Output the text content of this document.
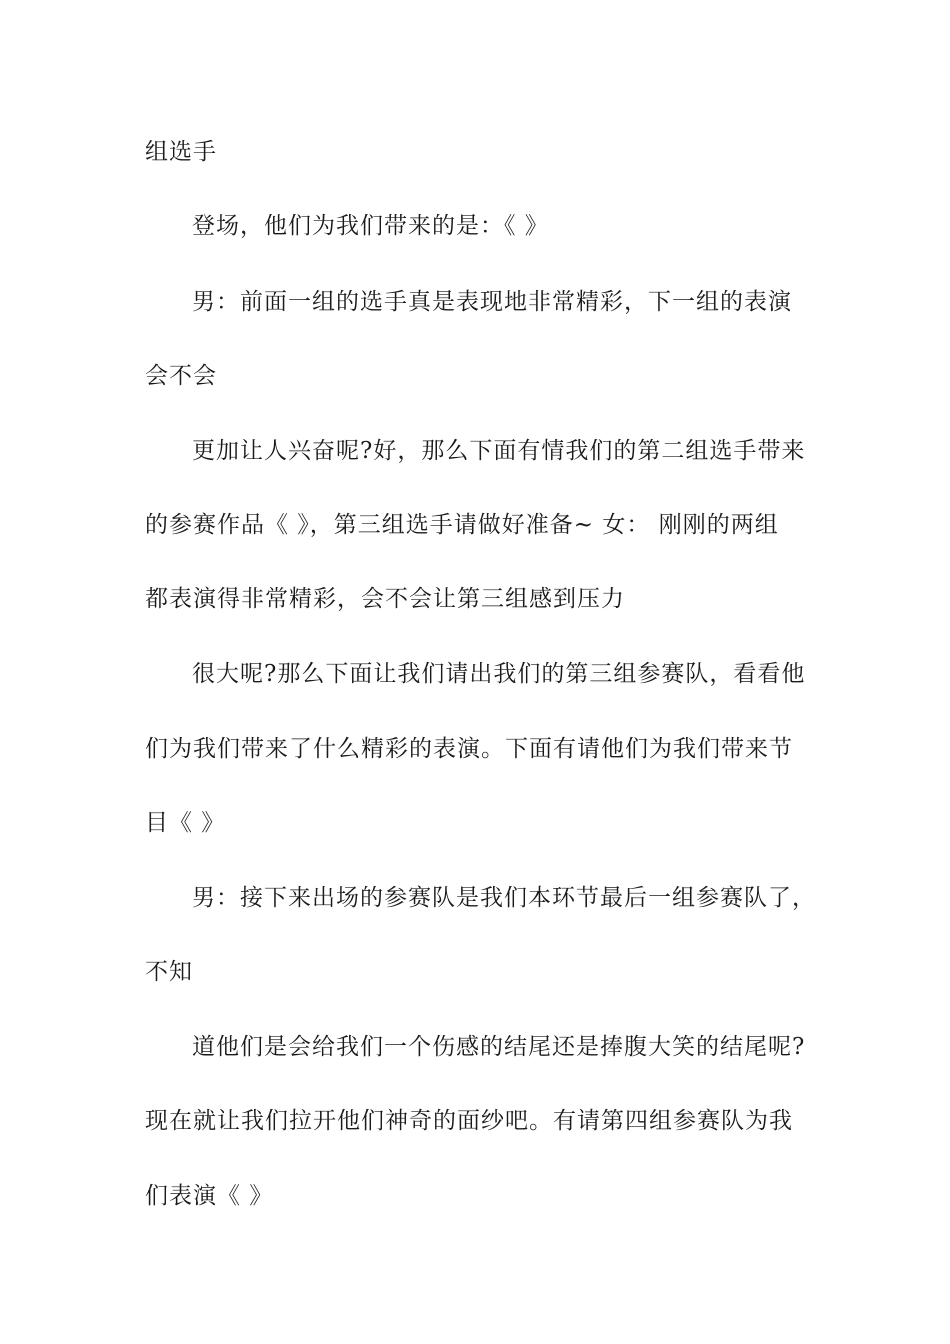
组选手
登场，他们为我们带来的是：《 》
男：前面一组的选手真是表现地非常精彩，下一组的表演
会不会
更加让人兴奋呢?好，那么下面有情我们的第二组选手带来
的参赛作品《 》，第三组选手请做好准备~ 女： 刚刚的两组
都表演得非常精彩，会不会让第三组感到压力
很大呢?那么下面让我们请出我们的第三组参赛队，看看他
们为我们带来了什么精彩的表演。下面有请他们为我们带来节
目《 》
男：接下来出场的参赛队是我们本环节最后一组参赛队了，
不知
道他们是会给我们一个伤感的结尾还是捧腹大笑的结尾呢?
现在就让我们拉开他们神奇的面纱吧。有请第四组参赛队为我
们表演《 》
